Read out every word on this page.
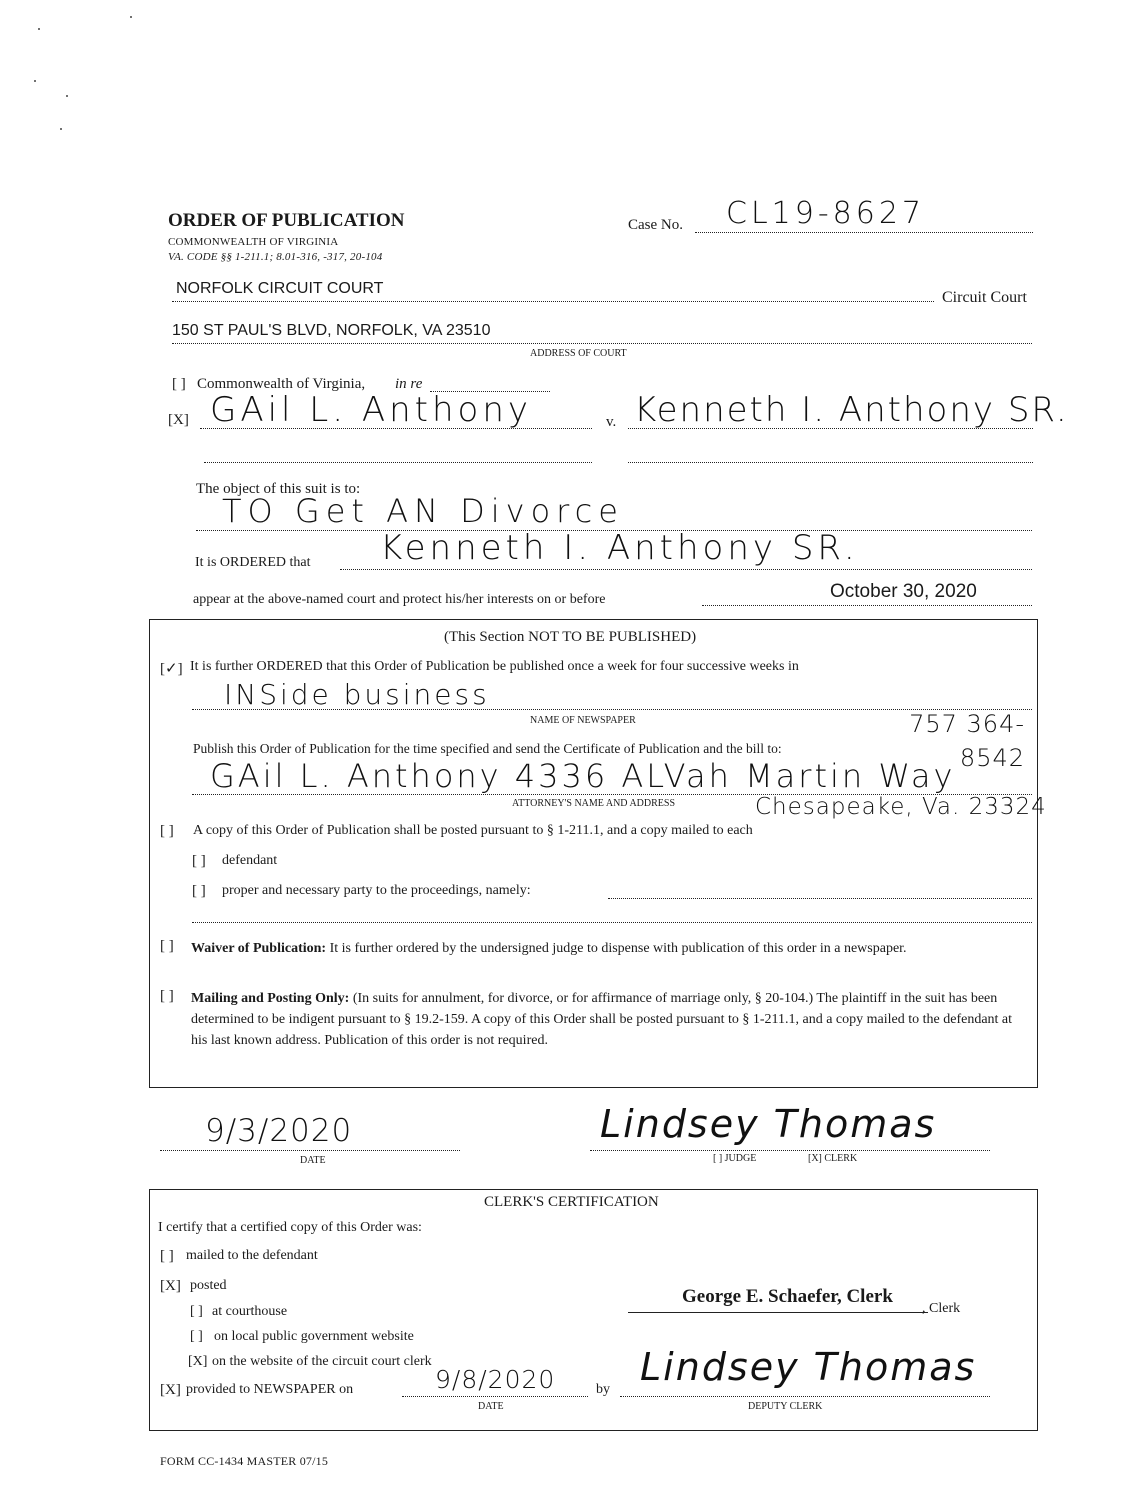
ORDER OF PUBLICATION
COMMONWEALTH OF VIRGINIA
VA. CODE §§ 1-211.1; 8.01-316, -317, 20-104
Case No. CL19-8627
NORFOLK CIRCUIT COURT
Circuit Court
150 ST PAUL'S BLVD, NORFOLK, VA 23510
ADDRESS OF COURT
[ ] Commonwealth of Virginia, in re
[X] GAil L. Anthony	v. Kenneth I. Anthony SR.
The object of this suit is to:
TO Get AN Divorce
It is ORDERED that Kenneth I. Anthony SR.
appear at the above-named court and protect his/her interests on or before	October 30, 2020
(This Section NOT TO BE PUBLISHED)
[✓] It is further ORDERED that this Order of Publication be published once a week for four successive weeks in
INSide business
NAME OF NEWSPAPER	757 364-8542
Publish this Order of Publication for the time specified and send the Certificate of Publication and the bill to:
GAil L. Anthony 4336 ALVah Martin Way
ATTORNEY'S NAME AND ADDRESS	Chesapeake, Va. 23324
[ ] A copy of this Order of Publication shall be posted pursuant to § 1-211.1, and a copy mailed to each
[ ] defendant
[ ] proper and necessary party to the proceedings, namely:
[ ] Waiver of Publication: It is further ordered by the undersigned judge to dispense with publication of this order in a newspaper.
[ ] Mailing and Posting Only: (In suits for annulment, for divorce, or for affirmance of marriage only, § 20-104.) The plaintiff in the suit has been determined to be indigent pursuant to § 19.2-159. A copy of this Order shall be posted pursuant to § 1-211.1, and a copy mailed to the defendant at his last known address. Publication of this order is not required.
9/3/2020
DATE
Lindsey Thomas
[ ] JUDGE	[X] CLERK
CLERK'S CERTIFICATION
I certify that a certified copy of this Order was:
[ ] mailed to the defendant
[X] posted
[ ] at courthouse
[ ] on local public government website
[X] on the website of the circuit court clerk
[X] provided to NEWSPAPER on	9/8/2020
DATE
by
Lindsey Thomas
DEPUTY CLERK
George E. Schaefer, Clerk
, Clerk
FORM CC-1434 MASTER 07/15
